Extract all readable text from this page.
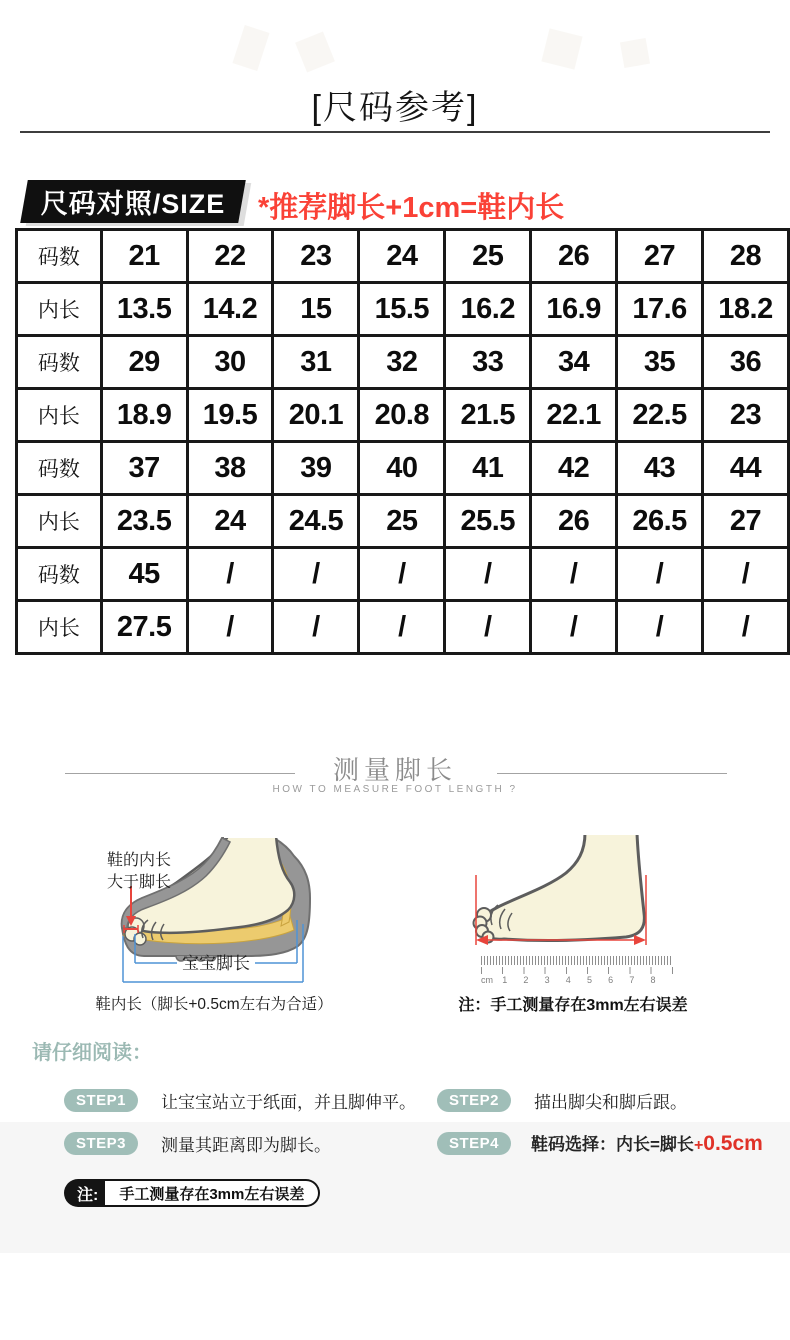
[尺码参考]
尺码对照/SIZE	*推荐脚长+1cm=鞋内长
码数	21	22	23	24	25	26	27	28
内长	13.5	14.2	15	15.5	16.2	16.9	17.6	18.2
码数	29	30	31	32	33	34	35	36
内长	18.9	19.5	20.1	20.8	21.5	22.1	22.5	23
码数	37	38	39	40	41	42	43	44
内长	23.5	24	24.5	25	25.5	26	26.5	27
码数	45	/	/	/	/	/	/	/
内长	27.5	/	/	/	/	/	/	/
测量脚长
HOW TO MEASURE FOOT LENGTH ?
宝宝脚长
鞋的内长
大于脚长
鞋内长（脚长+0.5cm左右为合适）
cm	1	2	3	4	5	6	7	8
注：手工测量存在3mm左右误差
请仔细阅读：
STEP1	让宝宝站立于纸面，并且脚伸平。	STEP2	描出脚尖和脚后跟。
STEP3	测量其距离即为脚长。	STEP4	鞋码选择：内长=脚长+0.5cm
注:	手工测量存在3mm左右误差
